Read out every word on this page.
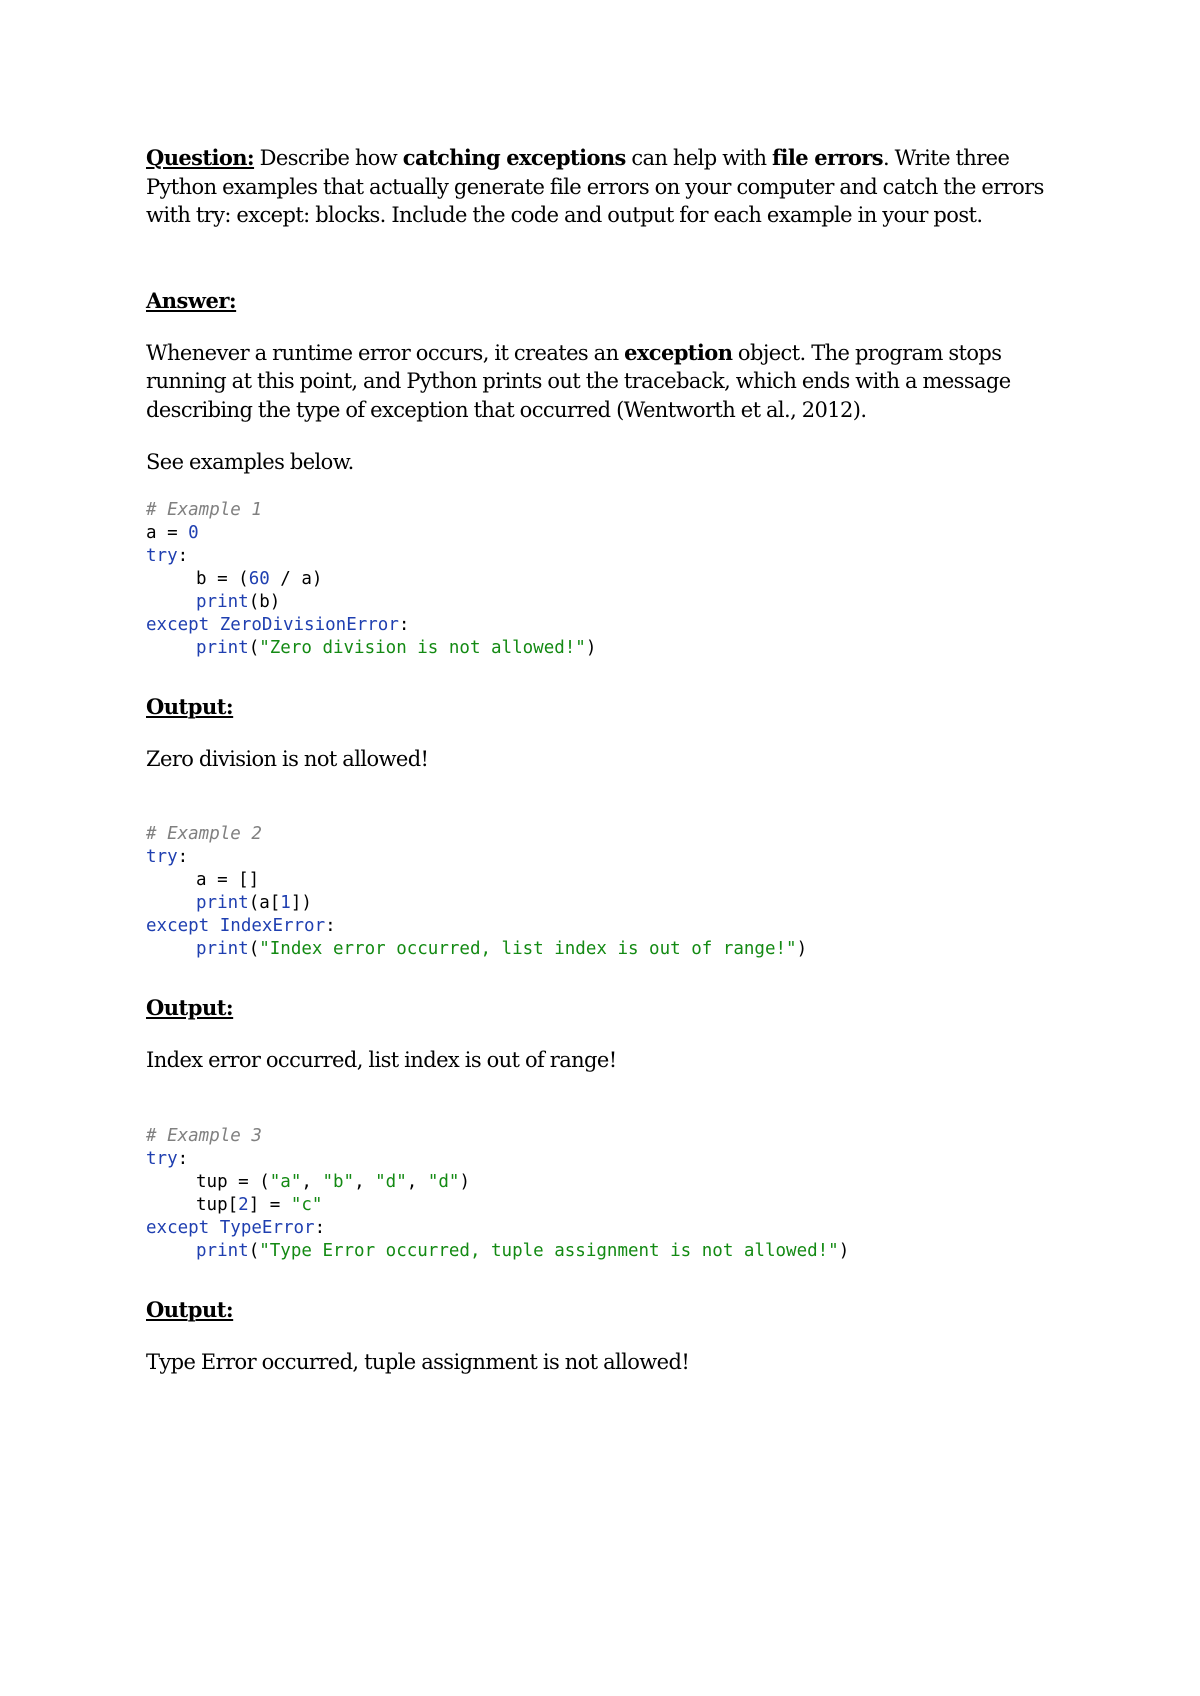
Question: Describe how catching exceptions can help with file errors. Write three Python examples that actually generate file errors on your computer and catch the errors with try: except: blocks. Include the code and output for each example in your post.

Answer:

Whenever a runtime error occurs, it creates an exception object. The program stops running at this point, and Python prints out the traceback, which ends with a message describing the type of exception that occurred (Wentworth et al., 2012).

See examples below.

# Example 1
a = 0
try:
b = (60 / a)
print(b)
except ZeroDivisionError:
print("Zero division is not allowed!")

Output:

Zero division is not allowed!

# Example 2
try:
a = []
print(a[1])
except IndexError:
print("Index error occurred, list index is out of range!")

Output:

Index error occurred, list index is out of range!

# Example 3
try:
tup = ("a", "b", "d", "d")
tup[2] = "c"
except TypeError:
print("Type Error occurred, tuple assignment is not allowed!")

Output:

Type Error occurred, tuple assignment is not allowed!
